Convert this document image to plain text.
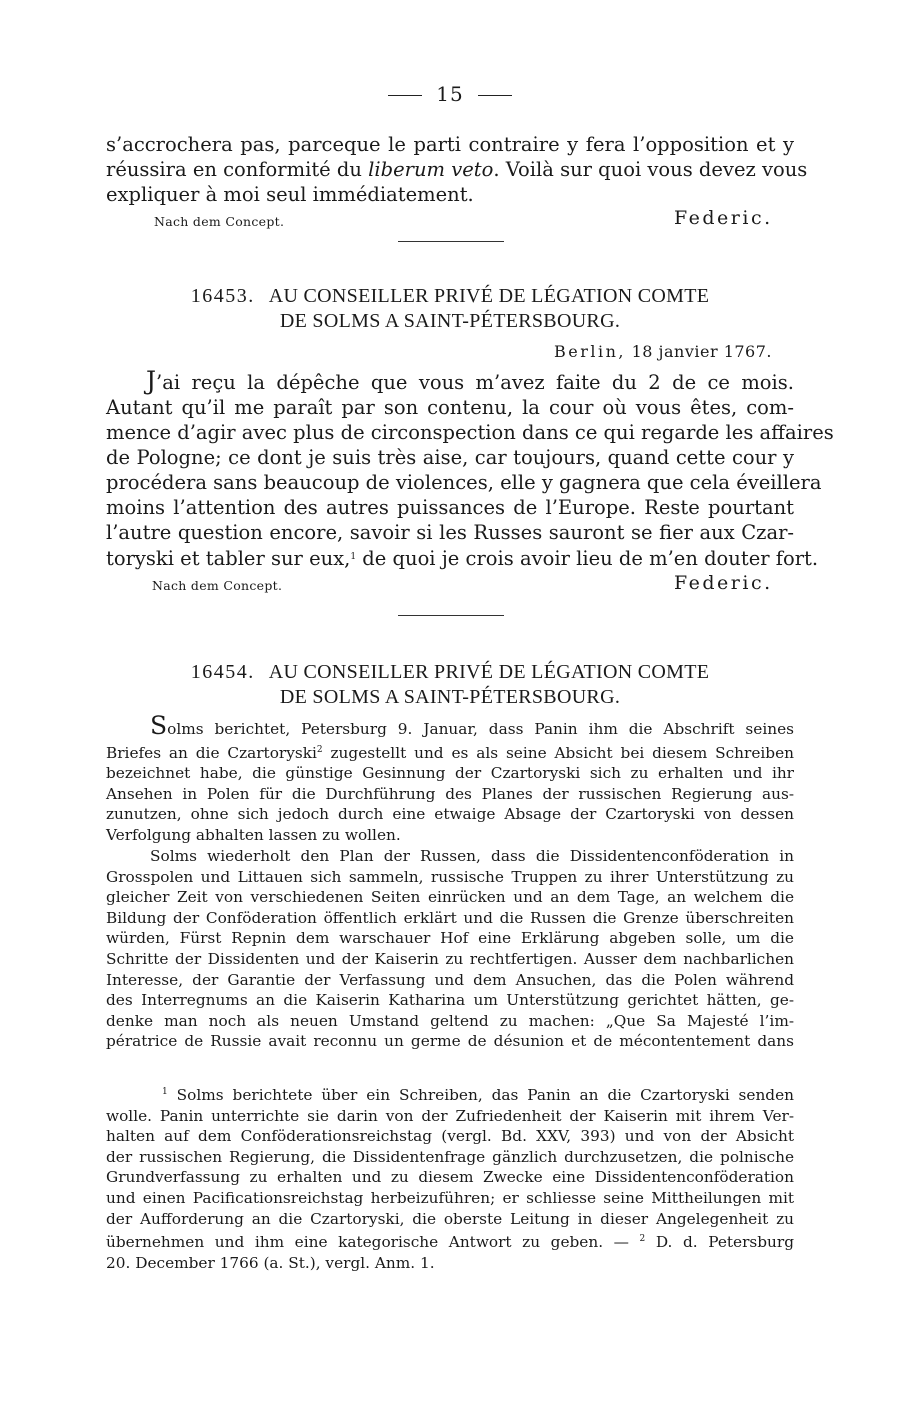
15
s’accrochera pas, parceque le parti contraire y fera l’opposition et y
réussira en conformité du liberum veto. Voilà sur quoi vous devez vous
expliquer à moi seul immédiatement.
Nach dem Concept.	Federic.
16453. AU CONSEILLER PRIVÉ DE LÉGATION COMTE
DE SOLMS A SAINT-PÉTERSBOURG.
Berlin, 18 janvier 1767.
J’ai reçu la dépêche que vous m’avez faite du 2 de ce mois.
Autant qu’il me paraît par son contenu, la cour où vous êtes, com-
mence d’agir avec plus de circonspection dans ce qui regarde les affaires
de Pologne; ce dont je suis très aise, car toujours, quand cette cour y
procédera sans beaucoup de violences, elle y gagnera que cela éveillera
moins l’attention des autres puissances de l’Europe. Reste pourtant
l’autre question encore, savoir si les Russes sauront se fier aux Czar-
toryski et tabler sur eux,$^1$ de quoi je crois avoir lieu de m’en douter fort.
Nach dem Concept.	Federic.
16454. AU CONSEILLER PRIVÉ DE LÉGATION COMTE
DE SOLMS A SAINT-PÉTERSBOURG.
Solms berichtet, Petersburg 9. Januar, dass Panin ihm die Abschrift seines
Briefes an die Czartoryski$^2$ zugestellt und es als seine Absicht bei diesem Schreiben
bezeichnet habe, die günstige Gesinnung der Czartoryski sich zu erhalten und ihr
Ansehen in Polen für die Durchführung des Planes der russischen Regierung aus-
zunutzen, ohne sich jedoch durch eine etwaige Absage der Czartoryski von dessen
Verfolgung abhalten lassen zu wollen.
Solms wiederholt den Plan der Russen, dass die Dissidentenconföderation in
Grosspolen und Littauen sich sammeln, russische Truppen zu ihrer Unterstützung zu
gleicher Zeit von verschiedenen Seiten einrücken und an dem Tage, an welchem die
Bildung der Conföderation öffentlich erklärt und die Russen die Grenze überschreiten
würden, Fürst Repnin dem warschauer Hof eine Erklärung abgeben solle, um die
Schritte der Dissidenten und der Kaiserin zu rechtfertigen. Ausser dem nachbarlichen
Interesse, der Garantie der Verfassung und dem Ansuchen, das die Polen während
des Interregnums an die Kaiserin Katharina um Unterstützung gerichtet hätten, ge-
denke man noch als neuen Umstand geltend zu machen: „Que Sa Majesté l’im-
pératrice de Russie avait reconnu un germe de désunion et de mécontentement dans
$^1$ Solms berichtete über ein Schreiben, das Panin an die Czartoryski senden
wolle. Panin unterrichte sie darin von der Zufriedenheit der Kaiserin mit ihrem Ver-
halten auf dem Conföderationsreichstag (vergl. Bd. XXV, 393) und von der Absicht
der russischen Regierung, die Dissidentenfrage gänzlich durchzusetzen, die polnische
Grundverfassung zu erhalten und zu diesem Zwecke eine Dissidentenconföderation
und einen Pacificationsreichstag herbeizuführen; er schliesse seine Mittheilungen mit
der Aufforderung an die Czartoryski, die oberste Leitung in dieser Angelegenheit zu
übernehmen und ihm eine kategorische Antwort zu geben. — $^2$ D. d. Petersburg
20. December 1766 (a. St.), vergl. Anm. 1.
